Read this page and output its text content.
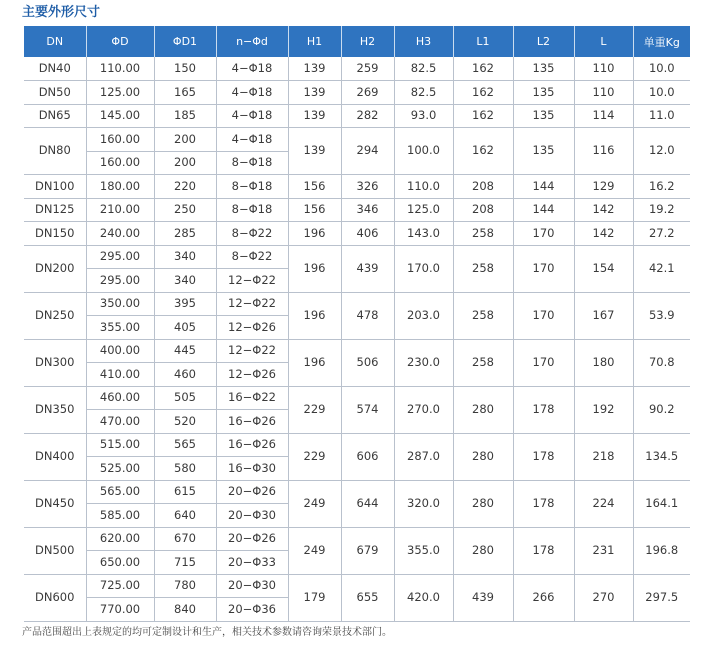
主要外形尺寸
DN	ΦD	ΦD1	n−Φd	H1	H2	H3	L1	L2	L	单重Kg
DN40	110.00	150	4−Φ18	139	259	82.5	162	135	110	10.0
DN50	125.00	165	4−Φ18	139	269	82.5	162	135	110	10.0
DN65	145.00	185	4−Φ18	139	282	93.0	162	135	114	11.0
DN80	160.00	200	4−Φ18	139	294	100.0	162	135	116	12.0
	160.00	200	8−Φ18							
DN100	180.00	220	8−Φ18	156	326	110.0	208	144	129	16.2
DN125	210.00	250	8−Φ18	156	346	125.0	208	144	142	19.2
DN150	240.00	285	8−Φ22	196	406	143.0	258	170	142	27.2
DN200	295.00	340	8−Φ22	196	439	170.0	258	170	154	42.1
	295.00	340	12−Φ22							
DN250	350.00	395	12−Φ22	196	478	203.0	258	170	167	53.9
	355.00	405	12−Φ26							
DN300	400.00	445	12−Φ22	196	506	230.0	258	170	180	70.8
	410.00	460	12−Φ26							
DN350	460.00	505	16−Φ22	229	574	270.0	280	178	192	90.2
	470.00	520	16−Φ26							
DN400	515.00	565	16−Φ26	229	606	287.0	280	178	218	134.5
	525.00	580	16−Φ30							
DN450	565.00	615	20−Φ26	249	644	320.0	280	178	224	164.1
	585.00	640	20−Φ30							
DN500	620.00	670	20−Φ26	249	679	355.0	280	178	231	196.8
	650.00	715	20−Φ33							
DN600	725.00	780	20−Φ30	179	655	420.0	439	266	270	297.5
	770.00	840	20−Φ36							
产品范围超出上表规定的均可定制设计和生产，相关技术参数请咨询荣景技术部门。
